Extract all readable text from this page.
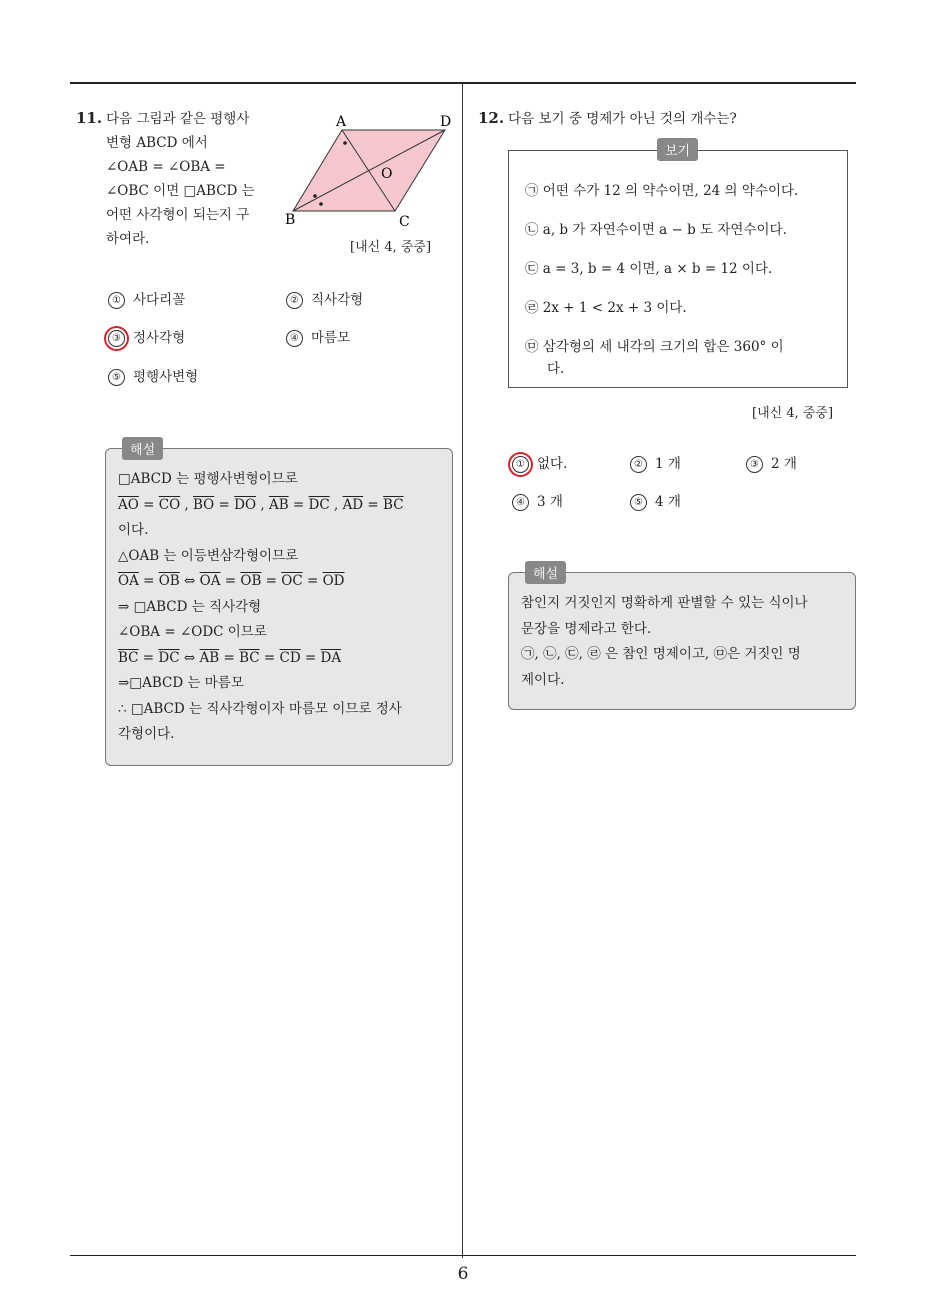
6
11. 다음 그림과 같은 평행사
변형 ABCD 에서
∠OAB = ∠OBA =
∠OBC 이면 □ABCD 는
어떤 사각형이 되는지 구
하여라.
A	D
B	C
O
[내신 4, 중중]
① 사다리꼴	② 직사각형
③ 정사각형	④ 마름모
⑤ 평행사변형
해설
□ABCD 는 평행사변형이므로
$\overline{AO} = \overline{CO}$ , $\overline{BO} = \overline{DO}$ , $\overline{AB} = \overline{DC}$ , $\overline{AD} = \overline{BC}$
이다.
△OAB 는 이등변삼각형이므로
$\overline{OA} = \overline{OB}$ ⇔ $\overline{OA} = \overline{OB} = \overline{OC} = \overline{OD}$
⇒ □ABCD 는 직사각형
∠OBA = ∠ODC 이므로
$\overline{BC} = \overline{DC}$ ⇔ $\overline{AB} = \overline{BC} = \overline{CD} = \overline{DA}$
⇒□ABCD 는 마름모
∴ □ABCD 는 직사각형이자 마름모 이므로 정사
각형이다.
12. 다음 보기 중 명제가 아닌 것의 개수는?
보기
㉠ 어떤 수가 12 의 약수이면, 24 의 약수이다.
㉡ a, b 가 자연수이면 a − b 도 자연수이다.
㉢ a = 3, b = 4 이면, a × b = 12 이다.
㉣ 2x + 1 < 2x + 3 이다.
㉤ 삼각형의 세 내각의 크기의 합은 360° 이
다.
[내신 4, 중중]
① 없다.	② 1 개	③ 2 개
④ 3 개	⑤ 4 개
해설
참인지 거짓인지 명확하게 판별할 수 있는 식이나
문장을 명제라고 한다.
㉠, ㉡, ㉢, ㉣ 은 참인 명제이고, ㉤은 거짓인 명
제이다.
